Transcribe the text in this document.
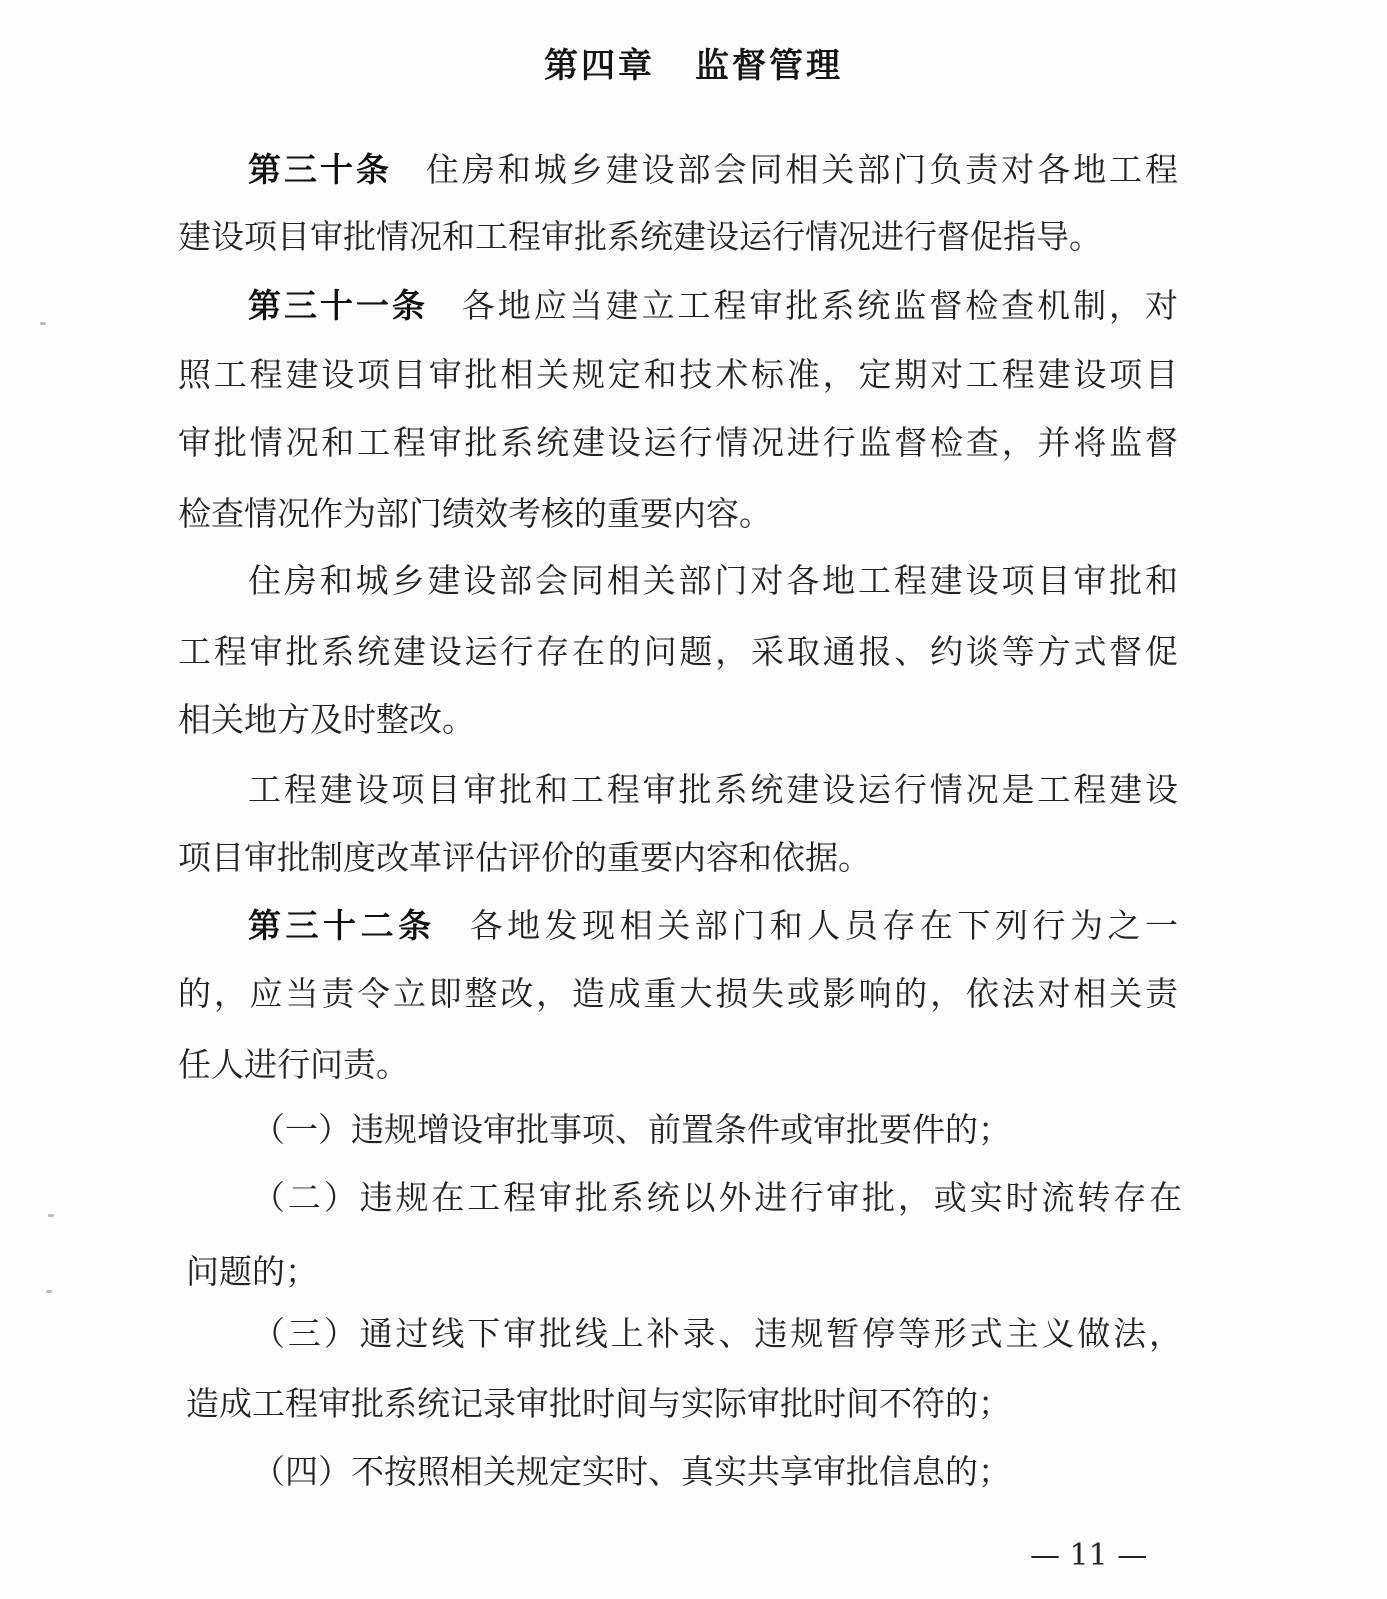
第四章 监督管理
第三十条 住房和城乡建设部会同相关部门负责对各地工程
建设项目审批情况和工程审批系统建设运行情况进行督促指导。
第三十一条 各地应当建立工程审批系统监督检查机制，对
照工程建设项目审批相关规定和技术标准，定期对工程建设项目
审批情况和工程审批系统建设运行情况进行监督检查，并将监督
检查情况作为部门绩效考核的重要内容。
住房和城乡建设部会同相关部门对各地工程建设项目审批和
工程审批系统建设运行存在的问题，采取通报、约谈等方式督促
相关地方及时整改。
工程建设项目审批和工程审批系统建设运行情况是工程建设
项目审批制度改革评估评价的重要内容和依据。
第三十二条 各地发现相关部门和人员存在下列行为之一
的，应当责令立即整改，造成重大损失或影响的，依法对相关责
任人进行问责。
（一）违规增设审批事项、前置条件或审批要件的；
（二）违规在工程审批系统以外进行审批，或实时流转存在
问题的；
（三）通过线下审批线上补录、违规暂停等形式主义做法，
造成工程审批系统记录审批时间与实际审批时间不符的；
（四）不按照相关规定实时、真实共享审批信息的；
— 11 —
